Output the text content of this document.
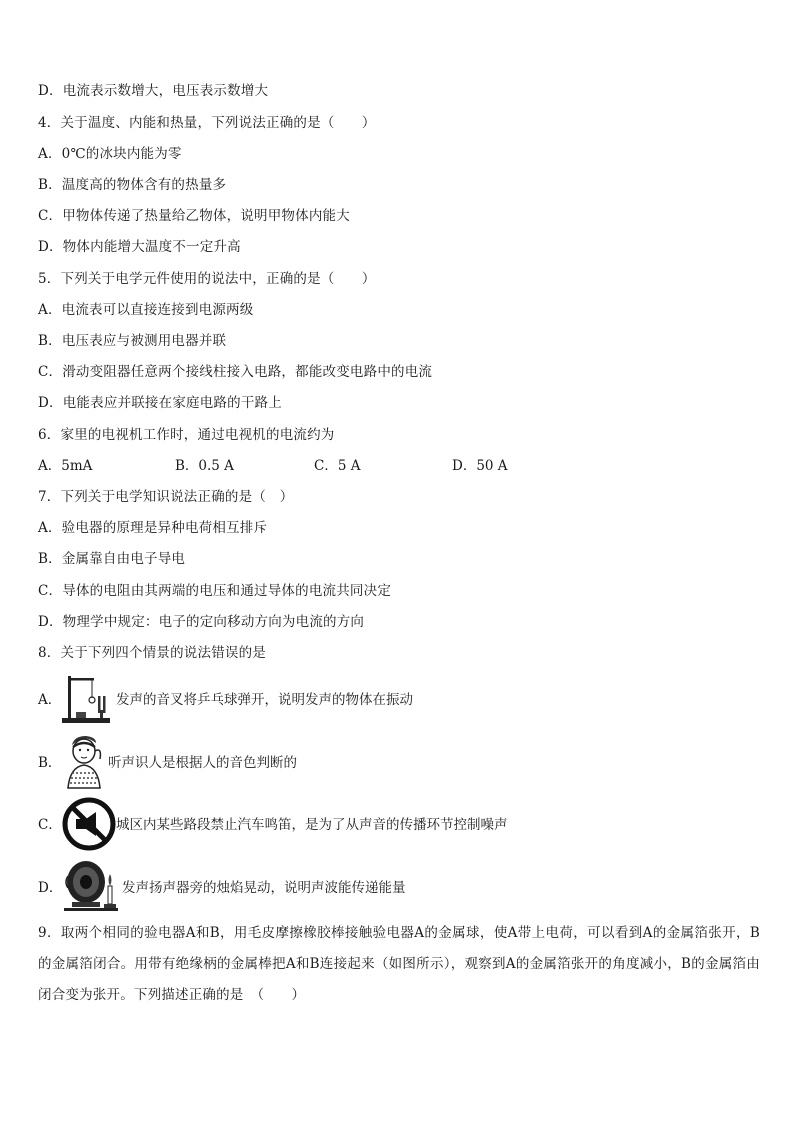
D．电流表示数增大，电压表示数增大
4．关于温度、内能和热量，下列说法正确的是（　　）
A．0℃的冰块内能为零
B．温度高的物体含有的热量多
C．甲物体传递了热量给乙物体，说明甲物体内能大
D．物体内能增大温度不一定升高
5．下列关于电学元件使用的说法中，正确的是（　　）
A．电流表可以直接连接到电源两级
B．电压表应与被测用电器并联
C．滑动变阻器任意两个接线柱接入电路，都能改变电路中的电流
D．电能表应并联接在家庭电路的干路上
6．家里的电视机工作时，通过电视机的电流约为
A．5mA	B．0.5 A	C．5 A	D．50 A
7．下列关于电学知识说法正确的是（　）
A．验电器的原理是异种电荷相互排斥
B．金属靠自由电子导电
C．导体的电阻由其两端的电压和通过导体的电流共同决定
D．物理学中规定：电子的定向移动方向为电流的方向
8．关于下列四个情景的说法错误的是
A．	发声的音叉将乒乓球弹开，说明发声的物体在振动
B．	听声识人是根据人的音色判断的
C．	城区内某些路段禁止汽车鸣笛，是为了从声音的传播环节控制噪声
D．	发声扬声器旁的烛焰晃动，说明声波能传递能量
9．取两个相同的验电器A和B，用毛皮摩擦橡胶棒接触验电器A的金属球，使A带上电荷，可以看到A的金属箔张开，B的金属箔闭合。用带有绝缘柄的金属棒把A和B连接起来（如图所示），观察到A的金属箔张开的角度减小，B的金属箔由闭合变为张开。下列描述正确的是　（　　）
